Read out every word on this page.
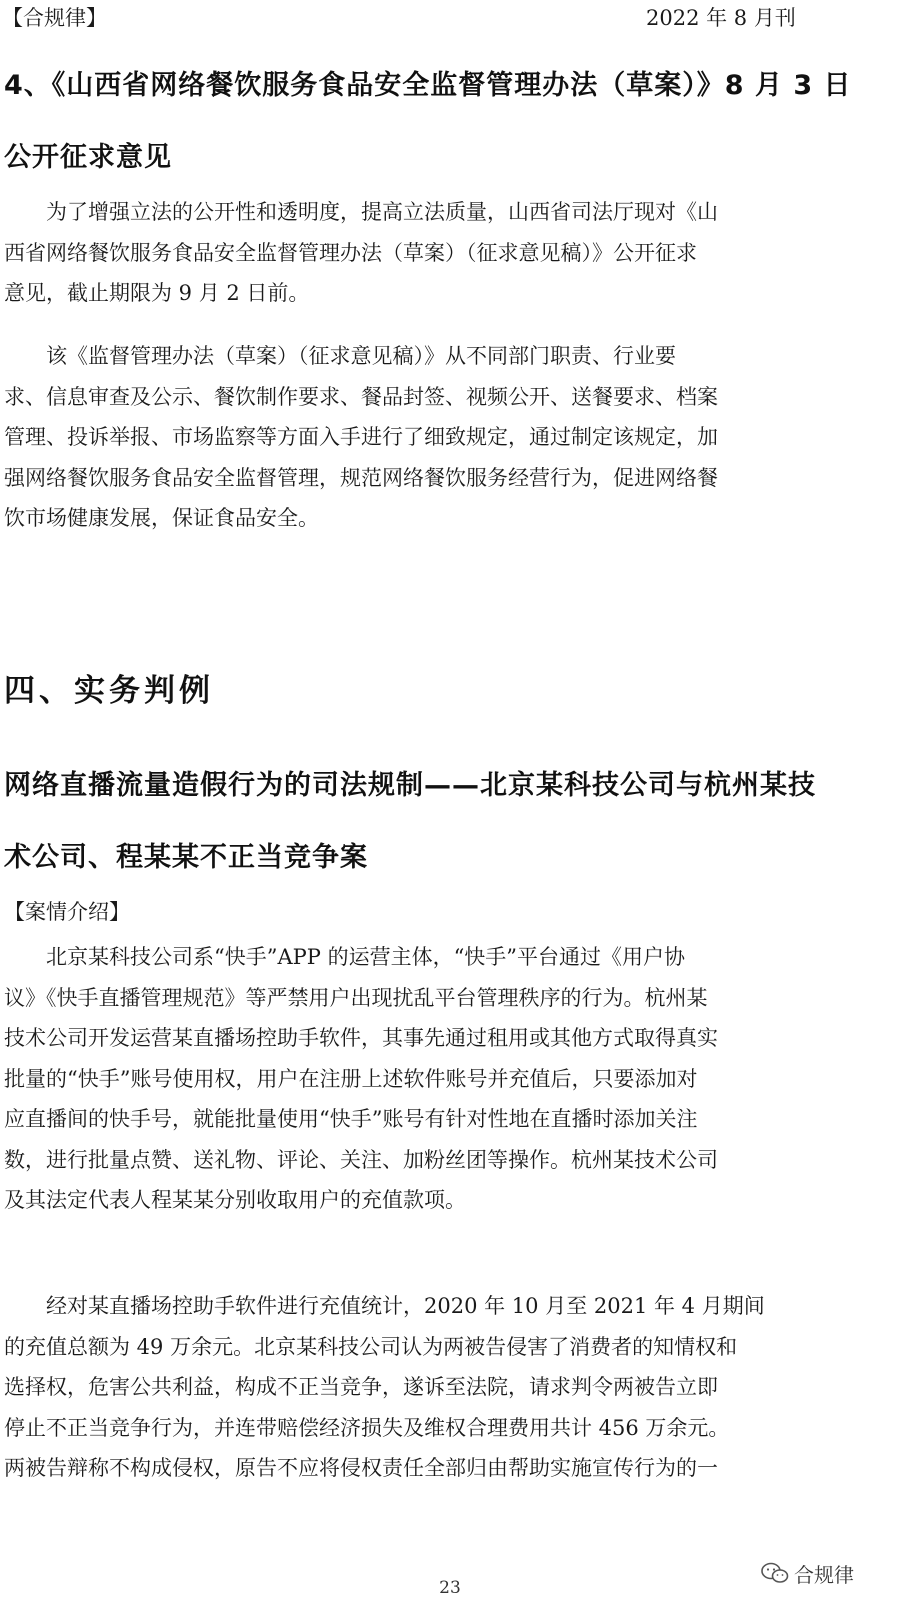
【合规律】	2022 年 8 月刊
4、《山西省网络餐饮服务食品安全监督管理办法（草案）》8 月 3 日
公开征求意见
　　为了增强立法的公开性和透明度，提高立法质量，山西省司法厅现对《山
西省网络餐饮服务食品安全监督管理办法（草案）（征求意见稿）》公开征求
意见，截止期限为 9 月 2 日前。
　　该《监督管理办法（草案）（征求意见稿）》从不同部门职责、行业要
求、信息审查及公示、餐饮制作要求、餐品封签、视频公开、送餐要求、档案
管理、投诉举报、市场监察等方面入手进行了细致规定，通过制定该规定，加
强网络餐饮服务食品安全监督管理，规范网络餐饮服务经营行为，促进网络餐
饮市场健康发展，保证食品安全。
四、实务判例
网络直播流量造假行为的司法规制——北京某科技公司与杭州某技
术公司、程某某不正当竞争案
【案情介绍】
　　北京某科技公司系“快手”APP 的运营主体，“快手”平台通过《用户协
议》《快手直播管理规范》等严禁用户出现扰乱平台管理秩序的行为。杭州某
技术公司开发运营某直播场控助手软件，其事先通过租用或其他方式取得真实
批量的“快手”账号使用权，用户在注册上述软件账号并充值后，只要添加对
应直播间的快手号，就能批量使用“快手”账号有针对性地在直播时添加关注
数，进行批量点赞、送礼物、评论、关注、加粉丝团等操作。杭州某技术公司
及其法定代表人程某某分别收取用户的充值款项。
　　经对某直播场控助手软件进行充值统计，2020 年 10 月至 2021 年 4 月期间
的充值总额为 49 万余元。北京某科技公司认为两被告侵害了消费者的知情权和
选择权，危害公共利益，构成不正当竞争，遂诉至法院，请求判令两被告立即
停止不正当竞争行为，并连带赔偿经济损失及维权合理费用共计 456 万余元。
两被告辩称不构成侵权，原告不应将侵权责任全部归由帮助实施宣传行为的一
合规律
23
